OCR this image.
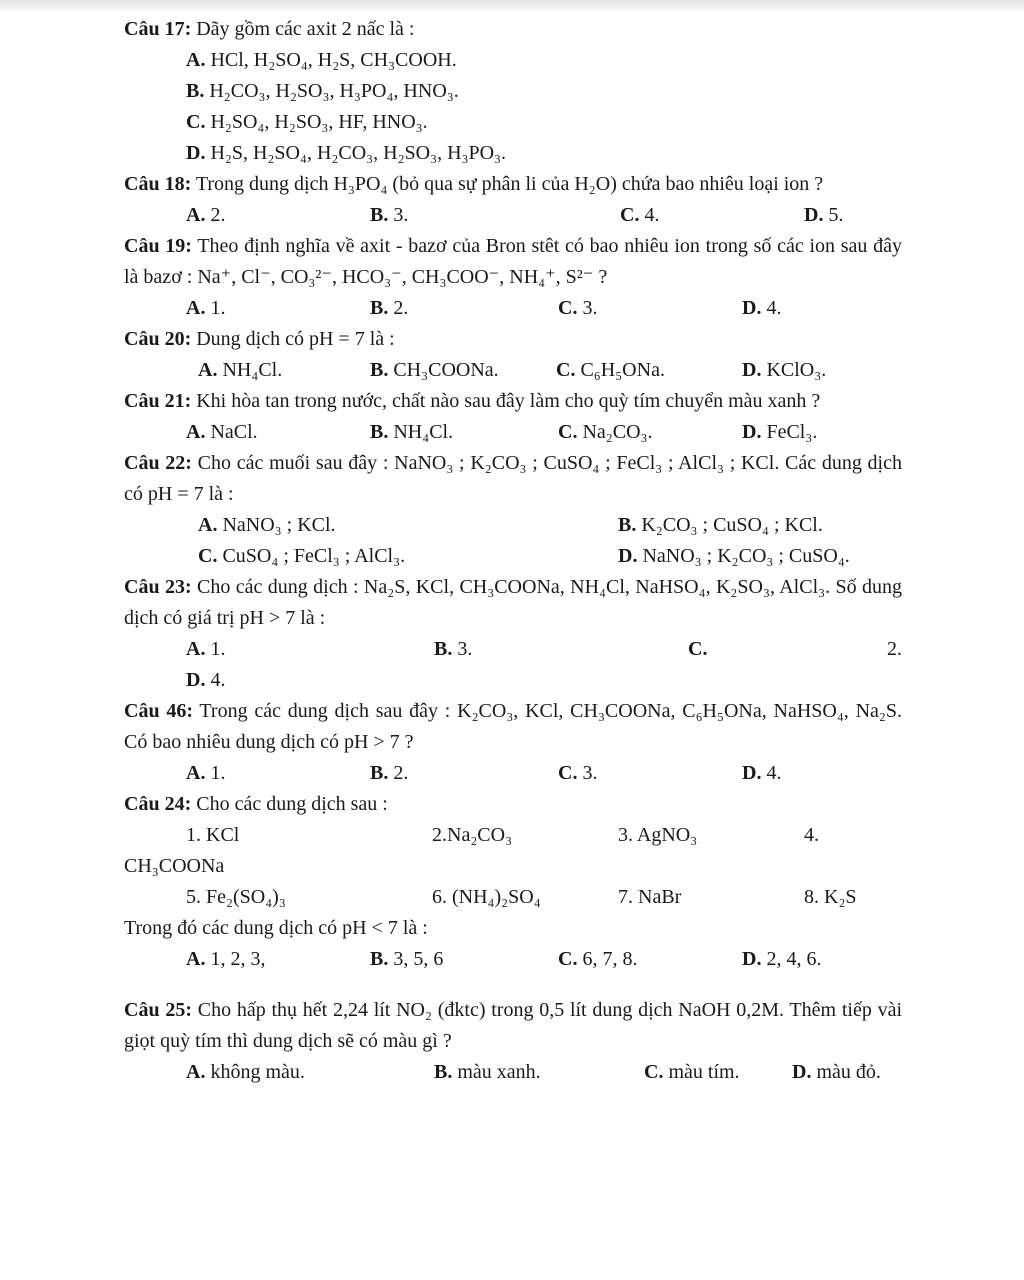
Câu 17: Dãy gồm các axit 2 nấc là :

A. HCl, H₂SO₄, H₂S, CH₃COOH.
B. H₂CO₃, H₂SO₃, H₃PO₄, HNO₃.
C. H₂SO₄, H₂SO₃, HF, HNO₃.
D. H₂S, H₂SO₄, H₂CO₃, H₂SO₃, H₃PO₃.

Câu 18: Trong dung dịch H₃PO₄ (bỏ qua sự phân li của H₂O) chứa bao nhiêu loại ion ?

A. 2.	B. 3.	C. 4.	D. 5.

Câu 19: Theo định nghĩa về axit - bazơ của Bron stêt có bao nhiêu ion trong số các ion sau đây là bazơ : Na⁺, Cl⁻, CO₃²⁻, HCO₃⁻, CH₃COO⁻, NH₄⁺, S²⁻ ?

A. 1.	B. 2.	C. 3.	D. 4.

Câu 20: Dung dịch có pH = 7 là :

A. NH₄Cl.	B. CH₃COONa.	C. C₆H₅ONa.	D. KClO₃.

Câu 21: Khi hòa tan trong nước, chất nào sau đây làm cho quỳ tím chuyển màu xanh ?

A. NaCl.	B. NH₄Cl.	C. Na₂CO₃.	D. FeCl₃.

Câu 22: Cho các muối sau đây : NaNO₃ ; K₂CO₃ ; CuSO₄ ; FeCl₃ ; AlCl₃ ; KCl. Các dung dịch có pH = 7 là :

A. NaNO₃ ; KCl.	B. K₂CO₃ ; CuSO₄ ; KCl.
C. CuSO₄ ; FeCl₃ ; AlCl₃.	D. NaNO₃ ; K₂CO₃ ; CuSO₄.

Câu 23: Cho các dung dịch : Na₂S, KCl, CH₃COONa, NH₄Cl, NaHSO₄, K₂SO₃, AlCl₃. Số dung dịch có giá trị pH > 7 là :

A. 1.	B. 3.	C.	2.
D. 4.

Câu 46: Trong các dung dịch sau đây : K₂CO₃, KCl, CH₃COONa, C₆H₅ONa, NaHSO₄, Na₂S. Có bao nhiêu dung dịch có pH > 7 ?

A. 1.	B. 2.	C. 3.	D. 4.

Câu 24: Cho các dung dịch sau :

1. KCl	2.Na₂CO₃	3. AgNO₃	4.
CH₃COONa
5. Fe₂(SO₄)₃	6. (NH₄)₂SO₄	7. NaBr	8. K₂S

Trong đó các dung dịch có pH < 7 là :

A. 1, 2, 3,	B. 3, 5, 6	C. 6, 7, 8.	D. 2, 4, 6.

Câu 25: Cho hấp thụ hết 2,24 lít NO₂ (đktc) trong 0,5 lít dung dịch NaOH 0,2M. Thêm tiếp vài giọt quỳ tím thì dung dịch sẽ có màu gì ?

A. không màu.	B. màu xanh.	C. màu tím.	D. màu đỏ.
